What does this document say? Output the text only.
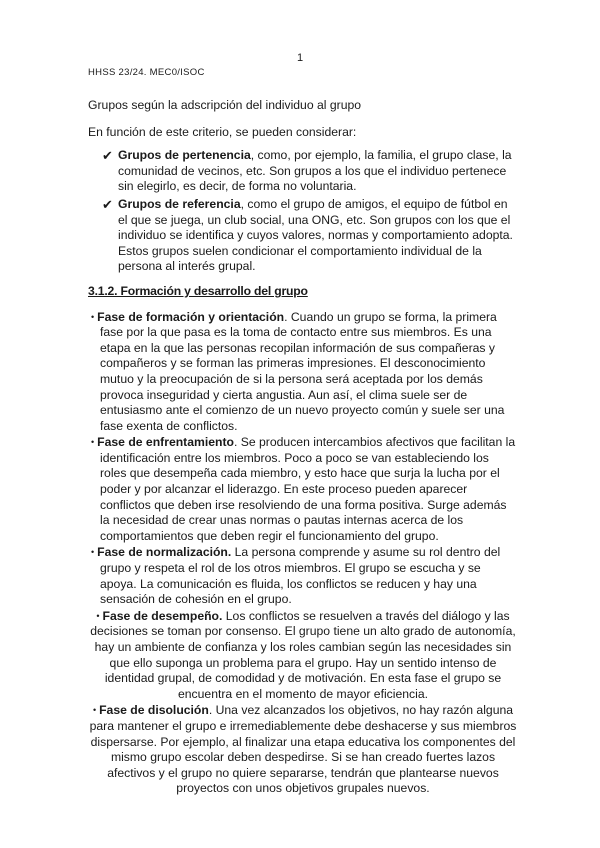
1
HHSS 23/24. MEC0/ISOC

Grupos según la adscripción del individuo al grupo

En función de este criterio, se pueden considerar:

✔ Grupos de pertenencia, como, por ejemplo, la familia, el grupo clase, la comunidad de vecinos, etc. Son grupos a los que el individuo pertenece sin elegirlo, es decir, de forma no voluntaria.
✔ Grupos de referencia, como el grupo de amigos, el equipo de fútbol en el que se juega, un club social, una ONG, etc. Son grupos con los que el individuo se identifica y cuyos valores, normas y comportamiento adopta. Estos grupos suelen condicionar el comportamiento individual de la persona al interés grupal.

3.1.2. Formación y desarrollo del grupo

• Fase de formación y orientación. Cuando un grupo se forma, la primera fase por la que pasa es la toma de contacto entre sus miembros. Es una etapa en la que las personas recopilan información de sus compañeras y compañeros y se forman las primeras impresiones. El desconocimiento mutuo y la preocupación de si la persona será aceptada por los demás provoca inseguridad y cierta angustia. Aun así, el clima suele ser de entusiasmo ante el comienzo de un nuevo proyecto común y suele ser una fase exenta de conflictos.
• Fase de enfrentamiento. Se producen intercambios afectivos que facilitan la identificación entre los miembros. Poco a poco se van estableciendo los roles que desempeña cada miembro, y esto hace que surja la lucha por el poder y por alcanzar el liderazgo. En este proceso pueden aparecer conflictos que deben irse resolviendo de una forma positiva. Surge además la necesidad de crear unas normas o pautas internas acerca de los comportamientos que deben regir el funcionamiento del grupo.
• Fase de normalización. La persona comprende y asume su rol dentro del grupo y respeta el rol de los otros miembros. El grupo se escucha y se apoya. La comunicación es fluida, los conflictos se reducen y hay una sensación de cohesión en el grupo.
• Fase de desempeño. Los conflictos se resuelven a través del diálogo y las decisiones se toman por consenso. El grupo tiene un alto grado de autonomía, hay un ambiente de confianza y los roles cambian según las necesidades sin que ello suponga un problema para el grupo. Hay un sentido intenso de identidad grupal, de comodidad y de motivación. En esta fase el grupo se encuentra en el momento de mayor eficiencia.
• Fase de disolución. Una vez alcanzados los objetivos, no hay razón alguna para mantener el grupo e irremediablemente debe deshacerse y sus miembros dispersarse. Por ejemplo, al finalizar una etapa educativa los componentes del mismo grupo escolar deben despedirse. Si se han creado fuertes lazos afectivos y el grupo no quiere separarse, tendrán que plantearse nuevos proyectos con unos objetivos grupales nuevos.
